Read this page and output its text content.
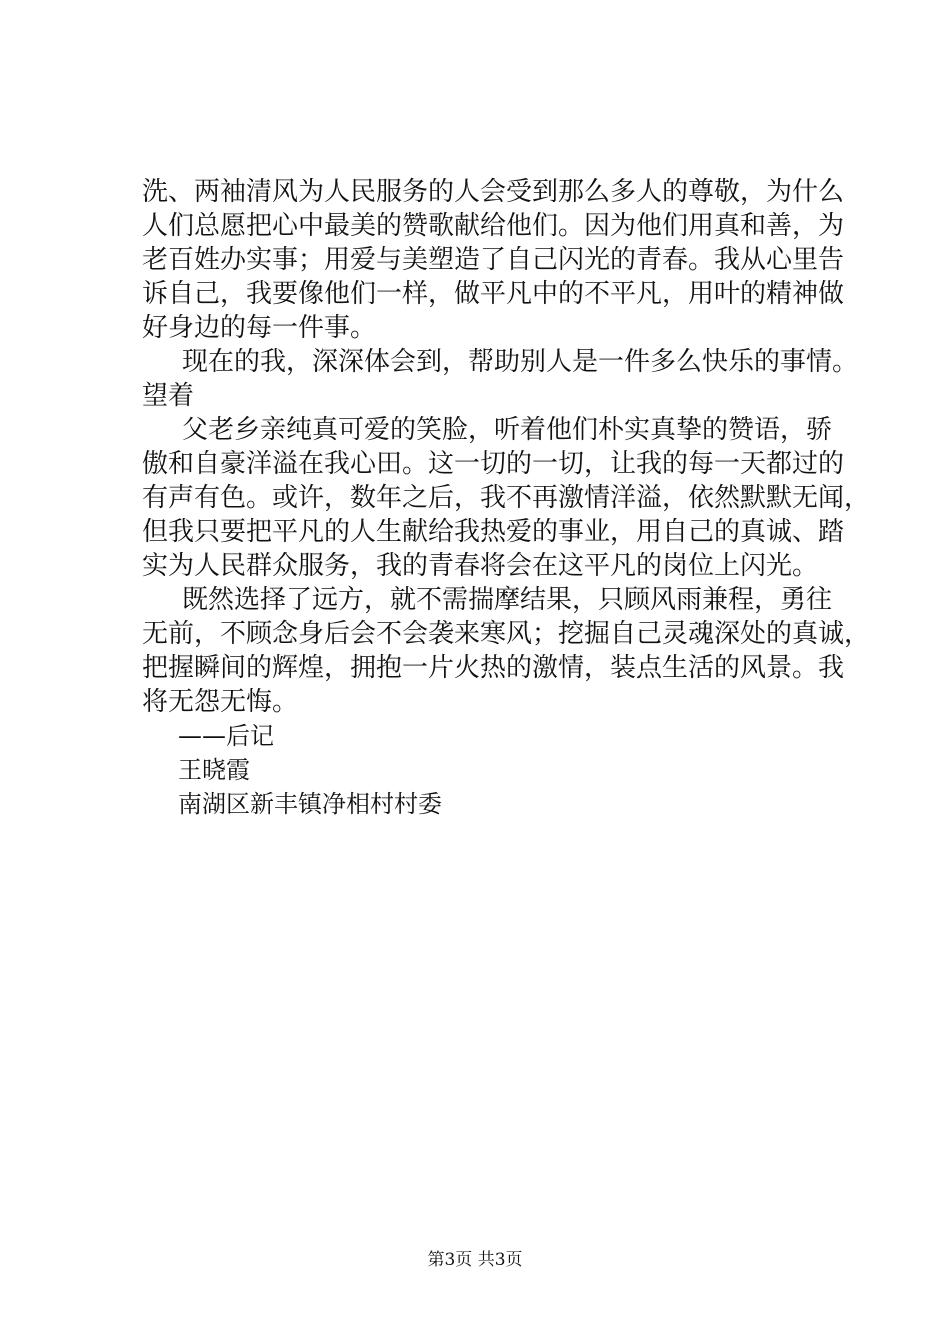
洗、两袖清风为人民服务的人会受到那么多人的尊敬，为什么
人们总愿把心中最美的赞歌献给他们。因为他们用真和善，为
老百姓办实事；用爱与美塑造了自己闪光的青春。我从心里告
诉自己，我要像他们一样，做平凡中的不平凡，用叶的精神做
好身边的每一件事。
现在的我，深深体会到，帮助别人是一件多么快乐的事情。
望着
父老乡亲纯真可爱的笑脸，听着他们朴实真挚的赞语，骄
傲和自豪洋溢在我心田。这一切的一切，让我的每一天都过的
有声有色。或许，数年之后，我不再激情洋溢，依然默默无闻，
但我只要把平凡的人生献给我热爱的事业，用自己的真诚、踏
实为人民群众服务，我的青春将会在这平凡的岗位上闪光。
既然选择了远方，就不需揣摩结果，只顾风雨兼程，勇往
无前，不顾念身后会不会袭来寒风；挖掘自己灵魂深处的真诚，
把握瞬间的辉煌，拥抱一片火热的激情，装点生活的风景。我
将无怨无悔。
——后记
王晓霞
南湖区新丰镇净相村村委
第3页 共3页
